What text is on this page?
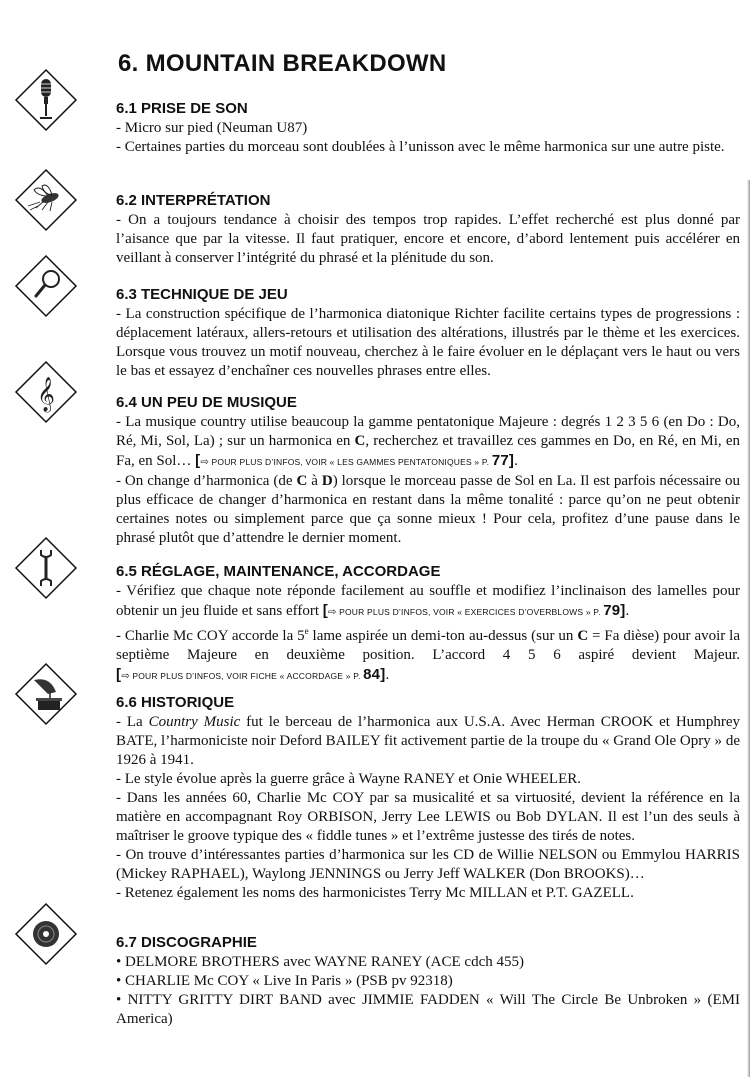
6. MOUNTAIN BREAKDOWN
6.1 PRISE DE SON

- Micro sur pied (Neuman U87)

- Certaines parties du morceau sont doublées à l’unisson avec le même harmonica sur une autre piste.

6.2 INTERPRÉTATION

- On a toujours tendance à choisir des tempos trop rapides. L’effet recherché est plus donné par l’aisance que par la vitesse. Il faut pratiquer, encore et encore, d’abord lentement puis accélérer en veillant à conserver l’intégrité du phrasé et la plénitude du son.

6.3 TECHNIQUE DE JEU

- La construction spécifique de l’harmonica diatonique Richter facilite certains types de progressions : déplacement latéraux, allers-retours et utilisation des altérations, illustrés par le thème et les exercices. Lorsque vous trouvez un motif nouveau, cherchez à le faire évoluer en le déplaçant vers le haut ou vers le bas et essayez d’enchaîner ces nouvelles phrases entre elles.

𝄞	6.4 UN PEU DE MUSIQUE

- La musique country utilise beaucoup la gamme pentatonique Majeure : degrés 1 2 3 5 6 (en Do : Do, Ré, Mi, Sol, La) ; sur un harmonica en C, recherchez et travaillez ces gammes en Do, en Ré, en Mi, en Fa, en Sol… [⇨ POUR PLUS D’INFOS, VOIR « LES GAMMES PENTATONIQUES » P. 77].

- On change d’harmonica (de C à D) lorsque le morceau passe de Sol en La. Il est parfois nécessaire ou plus efficace de changer d’harmonica en restant dans la même tonalité : parce qu’on ne peut obtenir certaines notes ou simplement parce que ça sonne mieux ! Pour cela, profitez d’une pause dans le phrasé plutôt que d’attendre le dernier moment.

6.5 RÉGLAGE, MAINTENANCE, ACCORDAGE

- Vérifiez que chaque note réponde facilement au souffle et modifiez l’inclinaison des lamelles pour obtenir un jeu fluide et sans effort [⇨ POUR PLUS D’INFOS, VOIR « EXERCICES D’OVERBLOWS » P. 79].

- Charlie Mc COY accorde la 5e lame aspirée un demi-ton au-dessus (sur un C = Fa dièse) pour avoir la septième Majeure en deuxième position. L’accord 4 5 6 aspiré devient Majeur. [⇨ POUR PLUS D’INFOS, VOIR FICHE « ACCORDAGE » P. 84].

6.6 HISTORIQUE

- La Country Music fut le berceau de l’harmonica aux U.S.A. Avec Herman CROOK et Humphrey BATE, l’harmoniciste noir Deford BAILEY fit activement partie de la troupe du « Grand Ole Opry » de 1926 à 1941.

- Le style évolue après la guerre grâce à Wayne RANEY et Onie WHEELER.

- Dans les années 60, Charlie Mc COY par sa musicalité et sa virtuosité, devient la référence en la matière en accompagnant Roy ORBISON, Jerry Lee LEWIS ou Bob DYLAN. Il est l’un des seuls à maîtriser le groove typique des « fiddle tunes » et l’extrême justesse des tirés de notes.

- On trouve d’intéressantes parties d’harmonica sur les CD de Willie NELSON ou Emmylou HARRIS (Mickey RAPHAEL), Waylong JENNINGS ou Jerry Jeff WALKER (Don BROOKS)…

- Retenez également les noms des harmonicistes Terry Mc MILLAN et P.T. GAZELL.

6.7 DISCOGRAPHIE

• DELMORE BROTHERS avec WAYNE RANEY (ACE cdch 455)

• CHARLIE Mc COY « Live In Paris » (PSB pv 92318)

• NITTY GRITTY DIRT BAND avec JIMMIE FADDEN « Will The Circle Be Unbroken » (EMI America)
